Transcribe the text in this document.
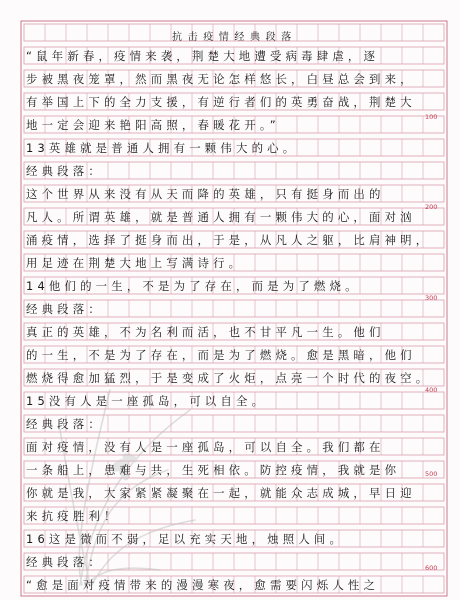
抗击疫情经典段落
“鼠年新春，疫情来袭，荆楚大地遭受病毒肆虐，逐
步被黑夜笼罩，然而黑夜无论怎样悠长，白昼总会到来，
有举国上下的全力支援，有逆行者们的英勇奋战，荆楚大
地一定会迎来艳阳高照，春暖花开。”
13英雄就是普通人拥有一颗伟大的心。
经典段落：
这个世界从来没有从天而降的英雄，只有挺身而出的
凡人。所谓英雄，就是普通人拥有一颗伟大的心，面对汹
涌疫情，选择了挺身而出，于是，从凡人之躯，比肩神明，
用足迹在荆楚大地上写满诗行。
14他们的一生，不是为了存在，而是为了燃烧。
经典段落：
真正的英雄，不为名利而活，也不甘平凡一生。他们
的一生，不是为了存在，而是为了燃烧。愈是黑暗，他们
燃烧得愈加猛烈，于是变成了火炬，点亮一个时代的夜空。
15没有人是一座孤岛，可以自全。
经典段落：
面对疫情，没有人是一座孤岛，可以自全。我们都在
一条船上，患难与共，生死相依。防控疫情，我就是你
你就是我，大家紧紧凝聚在一起，就能众志成城，早日迎
来抗疫胜利！
16这是微而不弱，足以充实天地，烛照人间。
经典段落：
“愈是面对疫情带来的漫漫寒夜，愈需要闪烁人性之
100
200
300
400
500
600
